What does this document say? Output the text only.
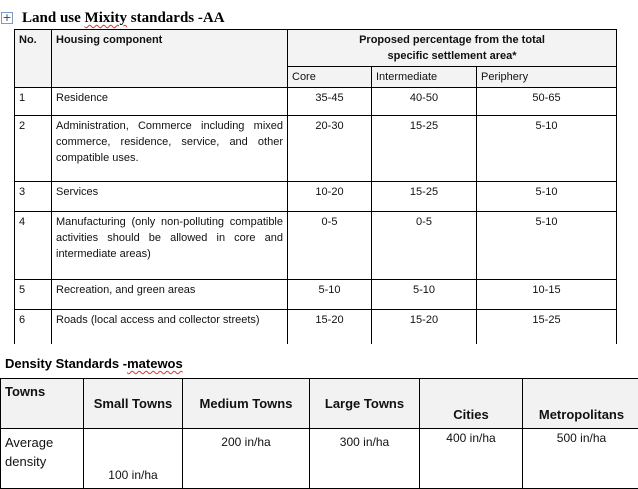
+ Land use Mixity standards -AA
No.	Housing component	Proposed percentage from the total
specific settlement area*		

		Core	Intermediate	Periphery
1	Residence	35-45	40-50	50-65
2	Administration, Commerce including mixed commerce, residence, service, and other compatible uses.	20-30	15-25	5-10
3	Services	10-20	15-25	5-10
4	Manufacturing (only non-polluting compatible activities should be allowed in core and intermediate areas)	0-5	0-5	5-10
5	Recreation, and green areas	5-10	5-10	10-15
6	Roads (local access and collector streets)	15-20	15-20	15-25
Density Standards -matewos
Towns	Small Towns	Medium Towns	Large Towns	Cities	Metropolitans
Average density	100 in/ha	200 in/ha	300 in/ha	400 in/ha	500 in/ha
